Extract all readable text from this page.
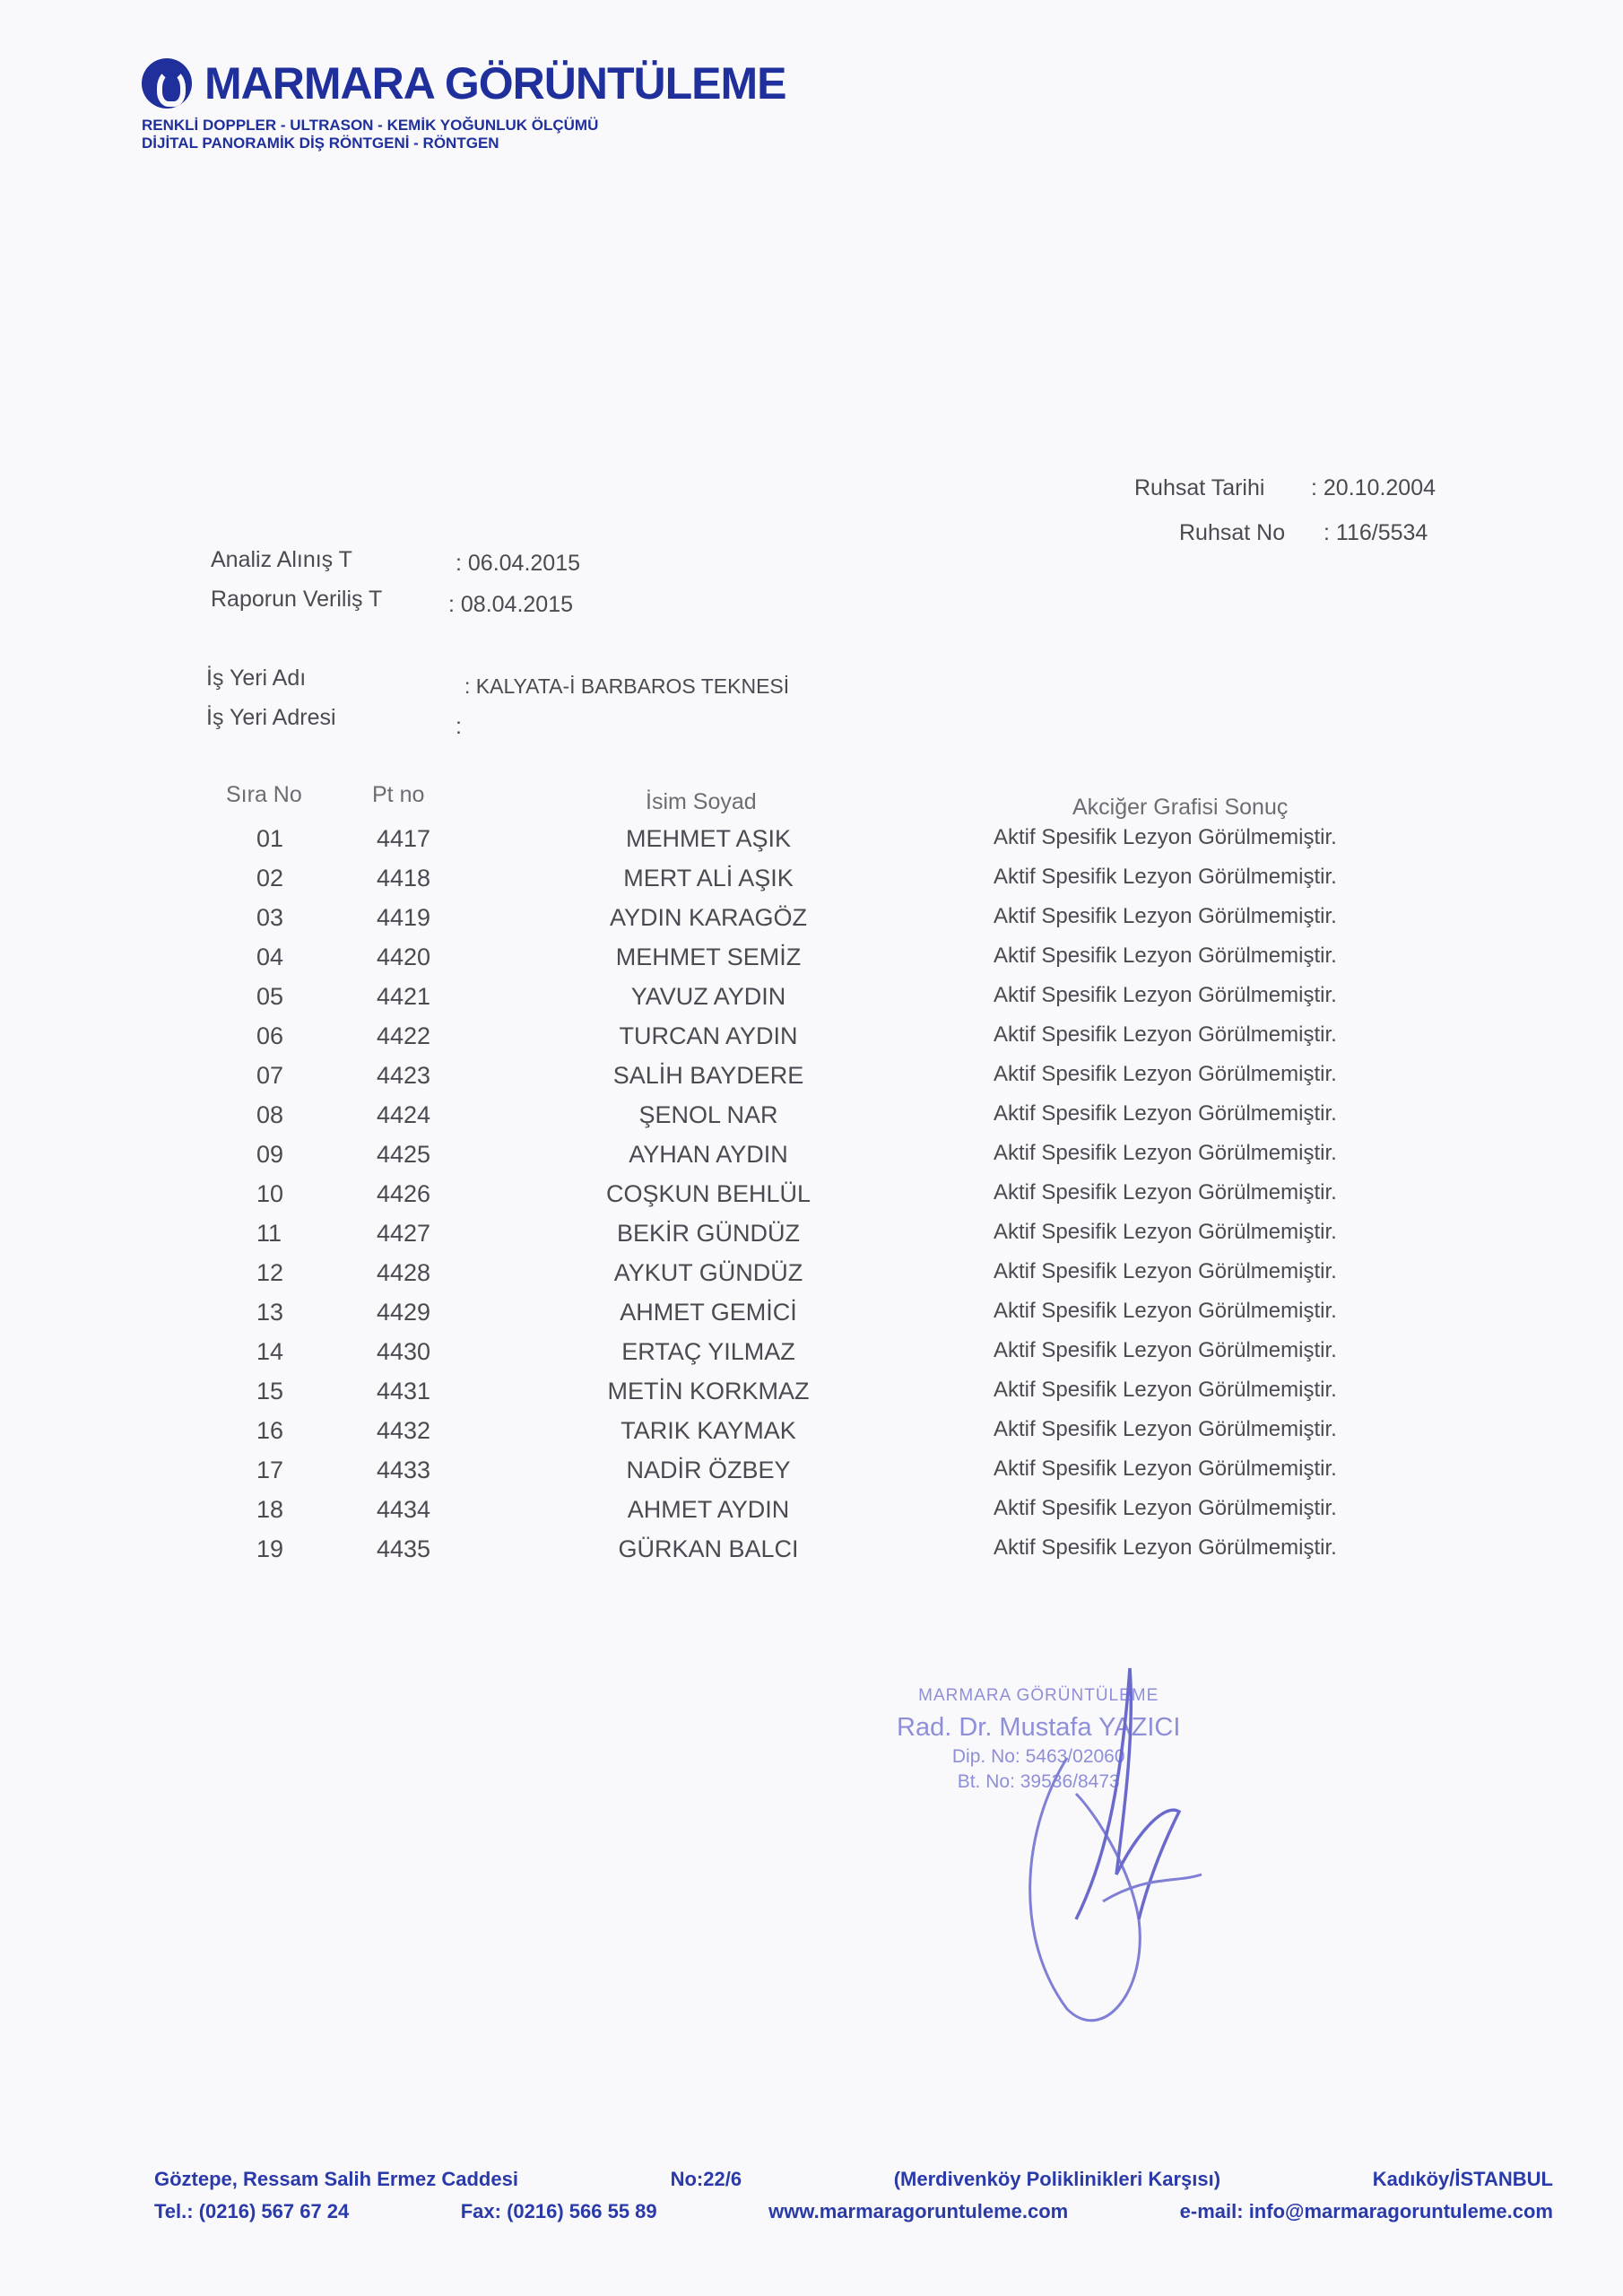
MARMARA GÖRÜNTÜLEME
RENKLİ DOPPLER - ULTRASON - KEMİK YOĞUNLUK ÖLÇÜMÜ
DİJİTAL PANORAMİK DİŞ RÖNTGENİ - RÖNTGEN
Ruhsat Tarihi : 20.10.2004
Ruhsat No : 116/5534
Analiz Alınış T	: 06.04.2015
Raporun Veriliş T	: 08.04.2015
İş Yeri Adı	: KALYATA-İ BARBAROS TEKNESİ
İş Yeri Adresi	:
Sıra No	Pt no	İsim Soyad	Akciğer Grafisi Sonuç
01	4417	MEHMET AŞIK	Aktif Spesifik Lezyon Görülmemiştir.
02	4418	MERT ALİ AŞIK	Aktif Spesifik Lezyon Görülmemiştir.
03	4419	AYDIN KARAGÖZ	Aktif Spesifik Lezyon Görülmemiştir.
04	4420	MEHMET SEMİZ	Aktif Spesifik Lezyon Görülmemiştir.
05	4421	YAVUZ AYDIN	Aktif Spesifik Lezyon Görülmemiştir.
06	4422	TURCAN AYDIN	Aktif Spesifik Lezyon Görülmemiştir.
07	4423	SALİH BAYDERE	Aktif Spesifik Lezyon Görülmemiştir.
08	4424	ŞENOL NAR	Aktif Spesifik Lezyon Görülmemiştir.
09	4425	AYHAN AYDIN	Aktif Spesifik Lezyon Görülmemiştir.
10	4426	COŞKUN BEHLÜL	Aktif Spesifik Lezyon Görülmemiştir.
11	4427	BEKİR GÜNDÜZ	Aktif Spesifik Lezyon Görülmemiştir.
12	4428	AYKUT GÜNDÜZ	Aktif Spesifik Lezyon Görülmemiştir.
13	4429	AHMET GEMİCİ	Aktif Spesifik Lezyon Görülmemiştir.
14	4430	ERTAÇ YILMAZ	Aktif Spesifik Lezyon Görülmemiştir.
15	4431	METİN KORKMAZ	Aktif Spesifik Lezyon Görülmemiştir.
16	4432	TARIK KAYMAK	Aktif Spesifik Lezyon Görülmemiştir.
17	4433	NADİR ÖZBEY	Aktif Spesifik Lezyon Görülmemiştir.
18	4434	AHMET AYDIN	Aktif Spesifik Lezyon Görülmemiştir.
19	4435	GÜRKAN BALCI	Aktif Spesifik Lezyon Görülmemiştir.
MARMARA GÖRÜNTÜLEME
Rad. Dr. Mustafa YAZICI
Dip. No: 5463/02060
Bt. No: 39536/8473
Göztepe, Ressam Salih Ermez Caddesi	No:22/6	(Merdivenköy Poliklinikleri Karşısı)	Kadıköy/İSTANBUL
Tel.: (0216) 567 67 24	Fax: (0216) 566 55 89	www.marmaragoruntuleme.com	e-mail: info@marmaragoruntuleme.com
